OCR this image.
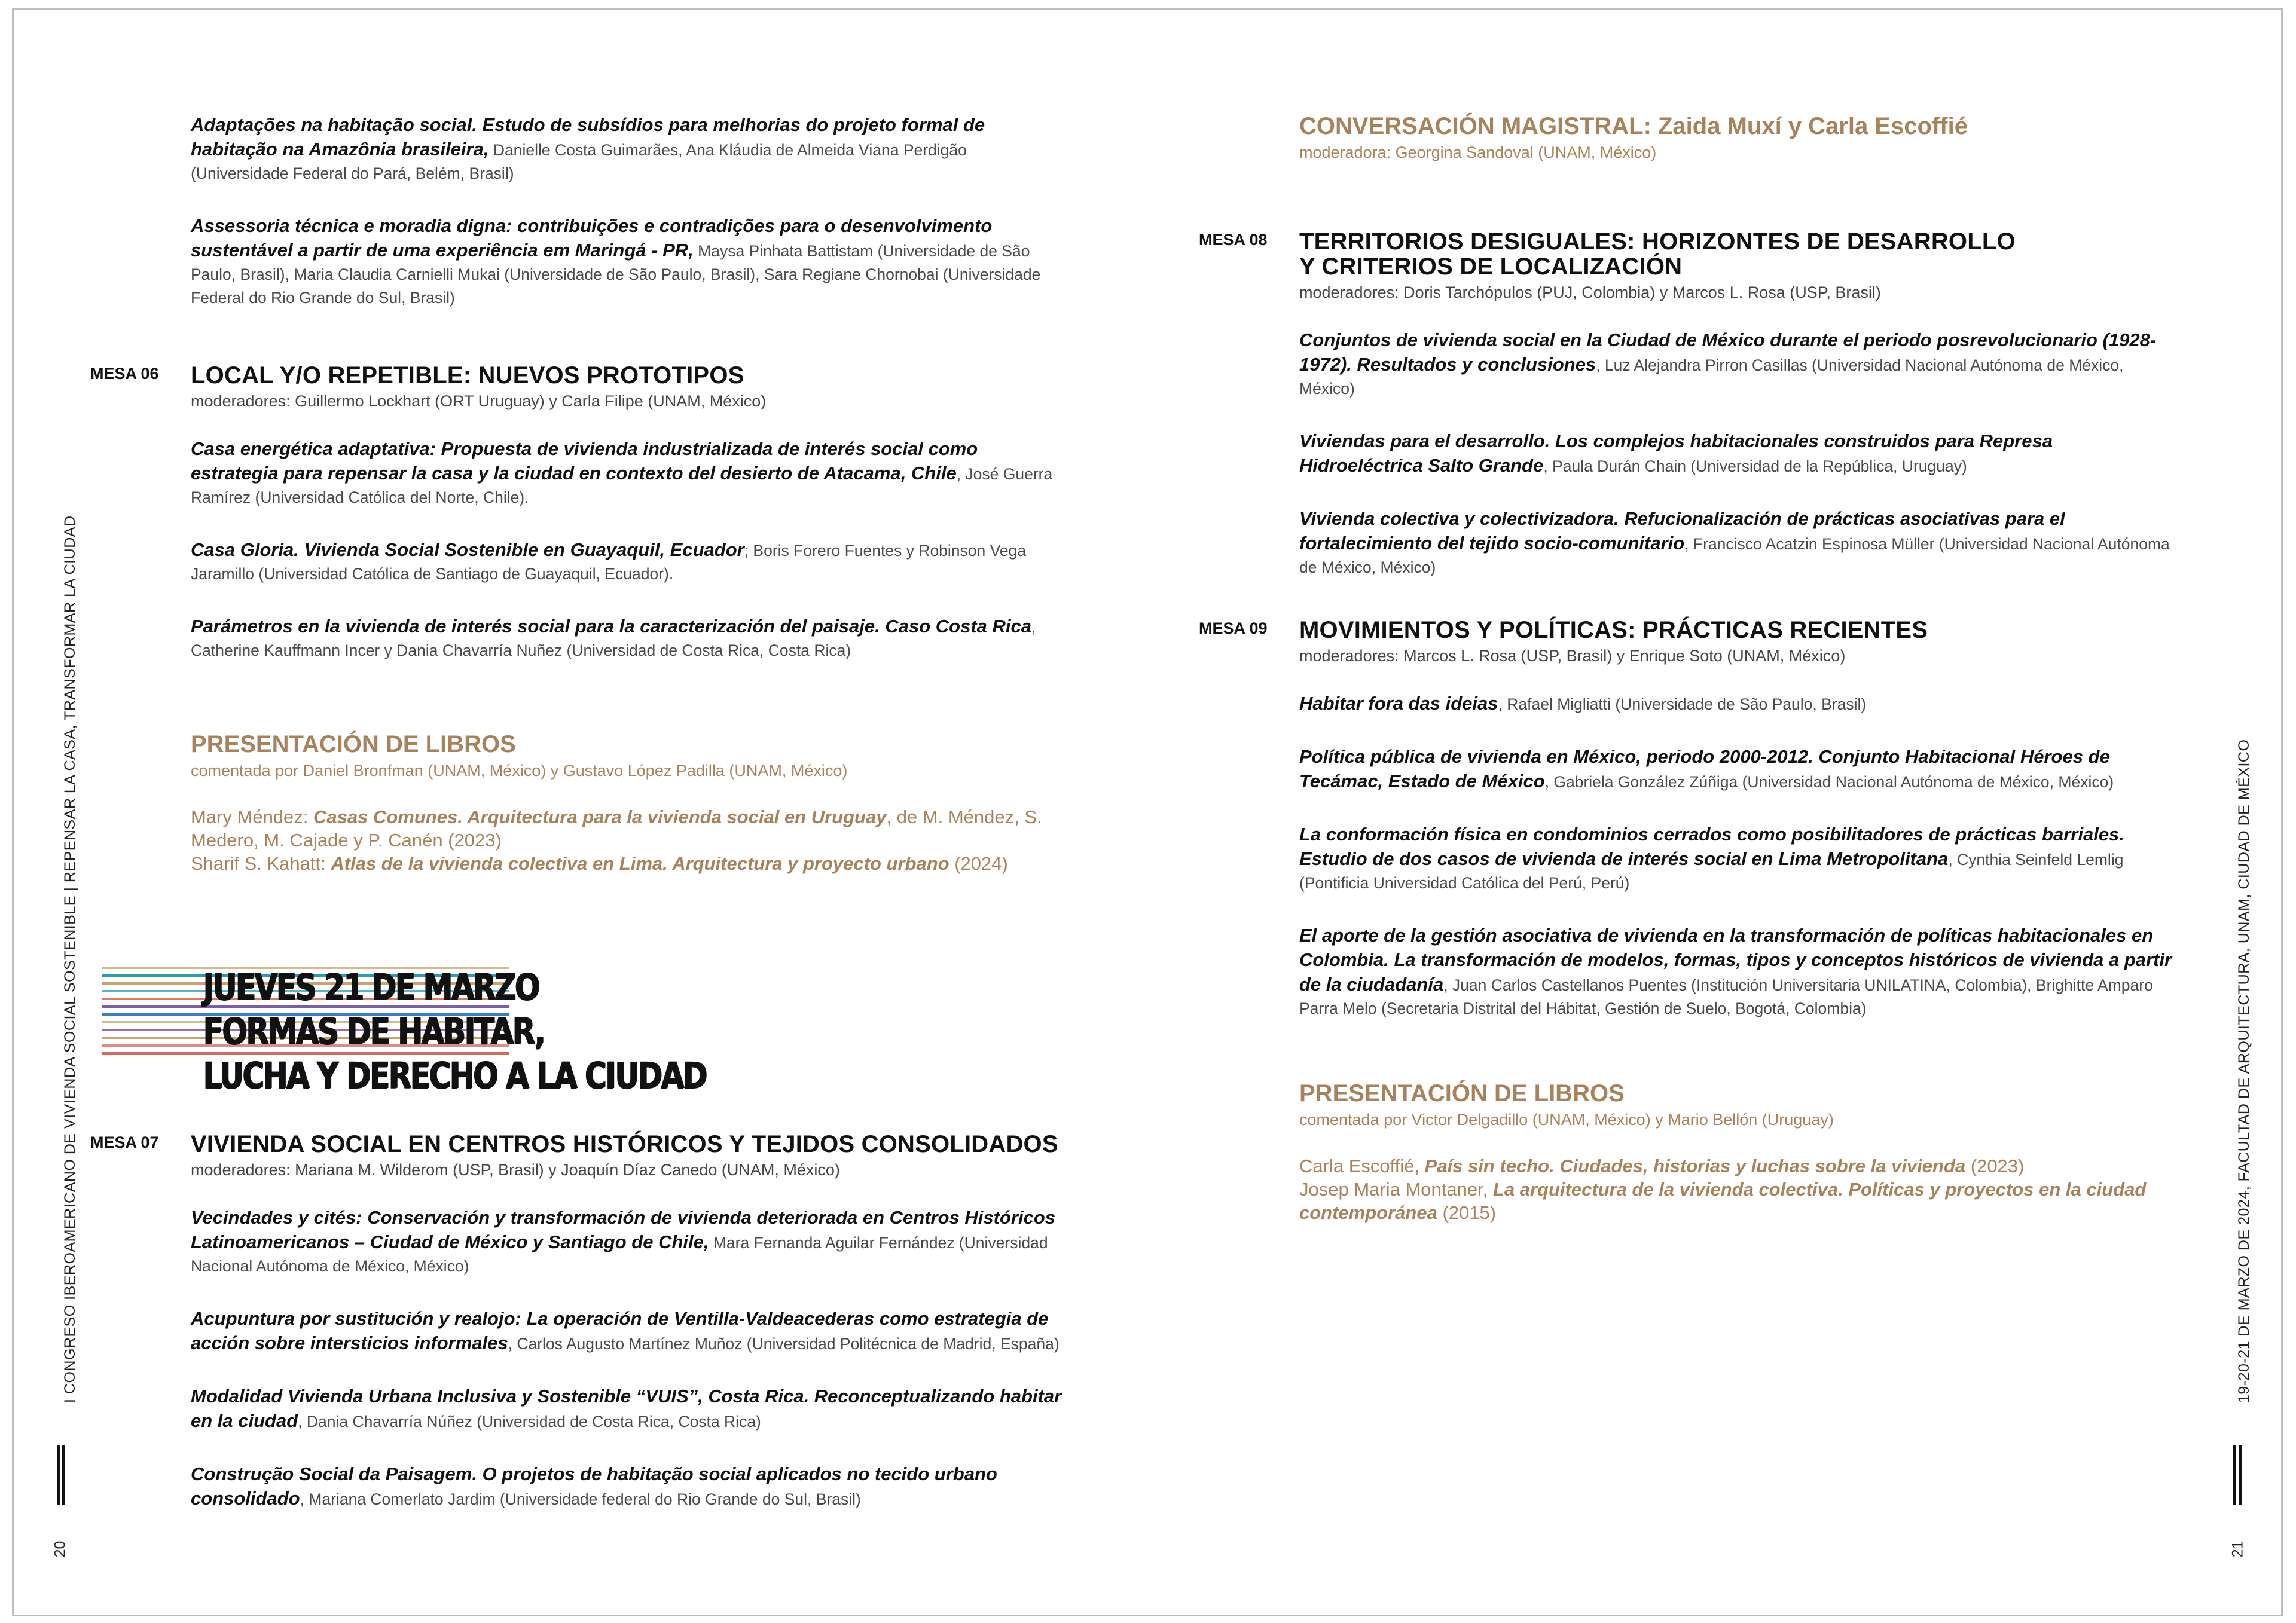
Adaptações na habitação social. Estudo de subsídios para melhorias do projeto formal de habitação na Amazônia brasileira, Danielle Costa Guimarães, Ana Kláudia de Almeida Viana Perdigão (Universidade Federal do Pará, Belém, Brasil)

Assessoria técnica e moradia digna: contribuições e contradições para o desenvolvimento sustentável a partir de uma experiência em Maringá - PR, Maysa Pinhata Battistam (Universidade de São Paulo, Brasil), Maria Claudia Carnielli Mukai (Universidade de São Paulo, Brasil), Sara Regiane Chornobai (Universidade Federal do Rio Grande do Sul, Brasil)

MESA 06 LOCAL Y/O REPETIBLE: NUEVOS PROTOTIPOS

moderadores: Guillermo Lockhart (ORT Uruguay) y Carla Filipe (UNAM, México)

Casa energética adaptativa: Propuesta de vivienda industrializada de interés social como estrategia para repensar la casa y la ciudad en contexto del desierto de Atacama, Chile, José Guerra Ramírez (Universidad Católica del Norte, Chile).

Casa Gloria. Vivienda Social Sostenible en Guayaquil, Ecuador; Boris Forero Fuentes y Robinson Vega Jaramillo (Universidad Católica de Santiago de Guayaquil, Ecuador).

Parámetros en la vivienda de interés social para la caracterización del paisaje. Caso Costa Rica, Catherine Kauffmann Incer y Dania Chavarría Nuñez (Universidad de Costa Rica, Costa Rica)

PRESENTACIÓN DE LIBROS

comentada por Daniel Bronfman (UNAM, México) y Gustavo López Padilla (UNAM, México)

Mary Méndez: Casas Comunes. Arquitectura para la vivienda social en Uruguay, de M. Méndez, S. Medero, M. Cajade y P. Canén (2023)

Sharif S. Kahatt: Atlas de la vivienda colectiva en Lima. Arquitectura y proyecto urbano (2024)

JUEVES 21 DE MARZO
FORMAS DE HABITAR,
LUCHA Y DERECHO A LA CIUDAD
MESA 07 VIVIENDA SOCIAL EN CENTROS HISTÓRICOS Y TEJIDOS CONSOLIDADOS

moderadores: Mariana M. Wilderom (USP, Brasil) y Joaquín Díaz Canedo (UNAM, México)

Vecindades y cités: Conservación y transformación de vivienda deteriorada en Centros Históricos Latinoamericanos – Ciudad de México y Santiago de Chile, Mara Fernanda Aguilar Fernández (Universidad Nacional Autónoma de México, México)

Acupuntura por sustitución y realojo: La operación de Ventilla-Valdeacederas como estrategia de acción sobre intersticios informales, Carlos Augusto Martínez Muñoz (Universidad Politécnica de Madrid, España)

Modalidad Vivienda Urbana Inclusiva y Sostenible “VUIS”, Costa Rica. Reconceptualizando habitar en la ciudad, Dania Chavarría Núñez (Universidad de Costa Rica, Costa Rica)

Construção Social da Paisagem. O projetos de habitação social aplicados no tecido urbano consolidado, Mariana Comerlato Jardim (Universidade federal do Rio Grande do Sul, Brasil)

I CONGRESO IBEROAMERICANO DE VIVIENDA SOCIAL SOSTENIBLE | REPENSAR LA CASA, TRANSFORMAR LA CIUDAD
20

CONVERSACIÓN MAGISTRAL: Zaida Muxí y Carla Escoffié

moderadora: Georgina Sandoval (UNAM, México)

MESA 08 TERRITORIOS DESIGUALES: HORIZONTES DE DESARROLLO
Y CRITERIOS DE LOCALIZACIÓN

moderadores: Doris Tarchópulos (PUJ, Colombia) y Marcos L. Rosa (USP, Brasil)

Conjuntos de vivienda social en la Ciudad de México durante el periodo posrevolucionario (1928-1972). Resultados y conclusiones, Luz Alejandra Pirron Casillas (Universidad Nacional Autónoma de México, México)

Viviendas para el desarrollo. Los complejos habitacionales construidos para Represa Hidroeléctrica Salto Grande, Paula Durán Chain (Universidad de la República, Uruguay)

Vivienda colectiva y colectivizadora. Refucionalización de prácticas asociativas para el fortalecimiento del tejido socio-comunitario, Francisco Acatzin Espinosa Müller (Universidad Nacional Autónoma de México, México)

MESA 09 MOVIMIENTOS Y POLÍTICAS: PRÁCTICAS RECIENTES

moderadores: Marcos L. Rosa (USP, Brasil) y Enrique Soto (UNAM, México)

Habitar fora das ideias, Rafael Migliatti (Universidade de São Paulo, Brasil)

Política pública de vivienda en México, periodo 2000-2012. Conjunto Habitacional Héroes de Tecámac, Estado de México, Gabriela González Zúñiga (Universidad Nacional Autónoma de México, México)

La conformación física en condominios cerrados como posibilitadores de prácticas barriales. Estudio de dos casos de vivienda de interés social en Lima Metropolitana, Cynthia Seinfeld Lemlig (Pontificia Universidad Católica del Perú, Perú)

El aporte de la gestión asociativa de vivienda en la transformación de políticas habitacionales en Colombia. La transformación de modelos, formas, tipos y conceptos históricos de vivienda a partir de la ciudadanía, Juan Carlos Castellanos Puentes (Institución Universitaria UNILATINA, Colombia), Brighitte Amparo Parra Melo (Secretaria Distrital del Hábitat, Gestión de Suelo, Bogotá, Colombia)

PRESENTACIÓN DE LIBROS

comentada por Victor Delgadillo (UNAM, México) y Mario Bellón (Uruguay)

Carla Escoffié, País sin techo. Ciudades, historias y luchas sobre la vivienda (2023)

Josep Maria Montaner, La arquitectura de la vivienda colectiva. Políticas y proyectos en la ciudad contemporánea (2015)	19-20-21 DE MARZO DE 2024, FACULTAD DE ARQUITECTURA, UNAM, CIUDAD DE MÉXICO
21
